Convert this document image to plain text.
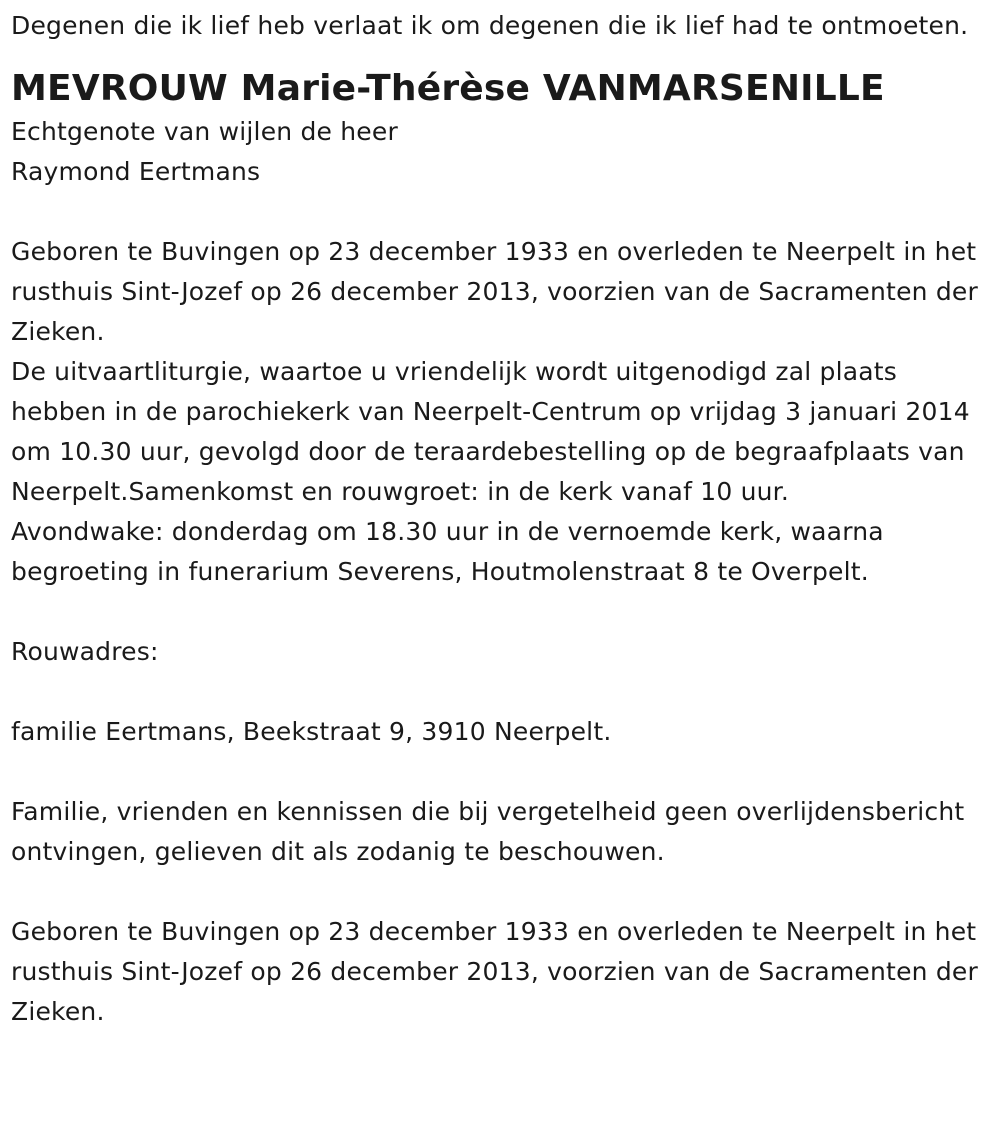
Degenen die ik lief heb verlaat ik om degenen die ik lief had te ontmoeten.

MEVROUW Marie-Thérèse VANMARSENILLE

Echtgenote van wijlen de heer

Raymond Eertmans

Geboren te Buvingen op 23 december 1933 en overleden te Neerpelt in het rusthuis Sint-Jozef op 26 december 2013, voorzien van de Sacramenten der Zieken.

De uitvaartliturgie, waartoe u vriendelijk wordt uitgenodigd zal plaats hebben in de parochiekerk van Neerpelt-Centrum op vrijdag 3 januari 2014 om 10.30 uur, gevolgd door de teraardebestelling op de begraafplaats van Neerpelt.Samenkomst en rouwgroet: in de kerk vanaf 10 uur.

Avondwake: donderdag om 18.30 uur in de vernoemde kerk, waarna begroeting in funerarium Severens, Houtmolenstraat 8 te Overpelt.

Rouwadres:

familie Eertmans, Beekstraat 9, 3910 Neerpelt.

Familie, vrienden en kennissen die bij vergetelheid geen overlijdensbericht ontvingen, gelieven dit als zodanig te beschouwen.

Geboren te Buvingen op 23 december 1933 en overleden te Neerpelt in het rusthuis Sint-Jozef op 26 december 2013, voorzien van de Sacramenten der Zieken.
